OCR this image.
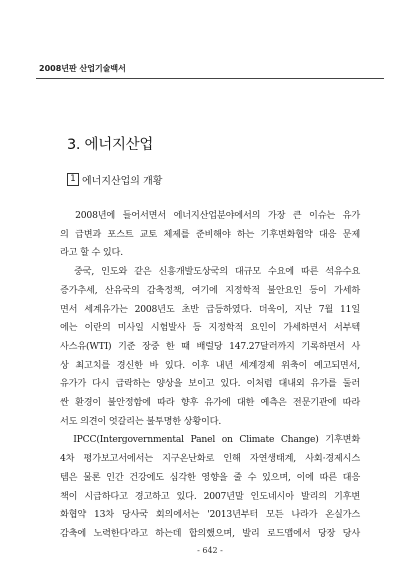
2008년판 산업기술백서
3. 에너지산업
1 에너지산업의 개황
2008년에 들어서면서 에너지산업분야에서의 가장 큰 이슈는 유가
의 급변과 포스트 교토 체제를 준비해야 하는 기후변화협약 대응 문제
라고 할 수 있다.
중국, 인도와 같은 신흥개발도상국의 대규모 수요에 따른 석유수요
증가추세, 산유국의 감축정책, 여기에 지정학적 불안요인 등이 가세하
면서 세계유가는 2008년도 초반 급등하였다. 더욱이, 지난 7월 11일
에는 이란의 미사일 시험발사 등 지정학적 요인이 가세하면서 서부텍
사스유(WTI) 기준 장중 한 때 배럴당 147.27달러까지 기록하면서 사
상 최고치를 경신한 바 있다. 이후 내년 세계경제 위축이 예고되면서,
유가가 다시 급락하는 양상을 보이고 있다. 이처럼 대내외 유가를 둘러
싼 환경이 불안정함에 따라 향후 유가에 대한 예측은 전문기관에 따라
서도 의견이 엇갈리는 불투명한 상황이다.
IPCC(Intergovernmental Panel on Climate Change) 기후변화
4차 평가보고서에서는 지구온난화로 인해 자연생태계, 사회·경제시스
템은 물론 인간 건강에도 심각한 영향을 줄 수 있으며, 이에 따른 대응
책이 시급하다고 경고하고 있다. 2007년말 인도네시아 발리의 기후변
화협약 13차 당사국 회의에서는 '2013년부터 모든 나라가 온실가스
감축에 노력한다'라고 하는데 합의했으며, 발리 로드맵에서 당장 당사
- 642 -
